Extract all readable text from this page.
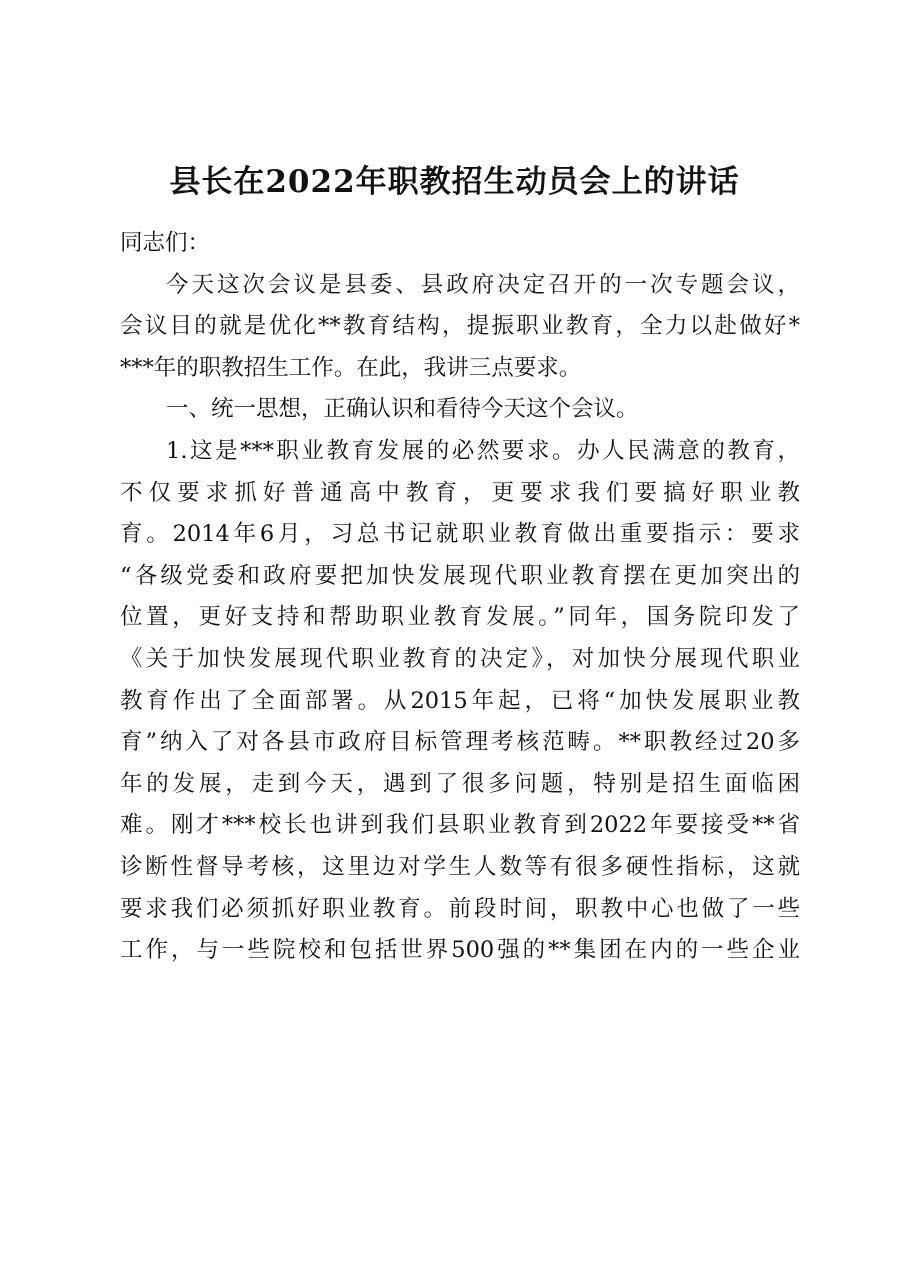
县长在2022年职教招生动员会上的讲话
同志们：
今天这次会议是县委、县政府决定召开的一次专题会议，
会议目的就是优化**教育结构，提振职业教育，全力以赴做好*
***年的职教招生工作。在此，我讲三点要求。
一、统一思想，正确认识和看待今天这个会议。
1.这是***职业教育发展的必然要求。办人民满意的教育，
不仅要求抓好普通高中教育，更要求我们要搞好职业教
育。2014年6月，习总书记就职业教育做出重要指示：要求
“各级党委和政府要把加快发展现代职业教育摆在更加突出的
位置，更好支持和帮助职业教育发展。”同年，国务院印发了
《关于加快发展现代职业教育的决定》，对加快分展现代职业
教育作出了全面部署。从2015年起，已将“加快发展职业教
育”纳入了对各县市政府目标管理考核范畴。**职教经过20多
年的发展，走到今天，遇到了很多问题，特别是招生面临困
难。刚才***校长也讲到我们县职业教育到2022年要接受**省
诊断性督导考核，这里边对学生人数等有很多硬性指标，这就
要求我们必须抓好职业教育。前段时间，职教中心也做了一些
工作，与一些院校和包括世界500强的**集团在内的一些企业
